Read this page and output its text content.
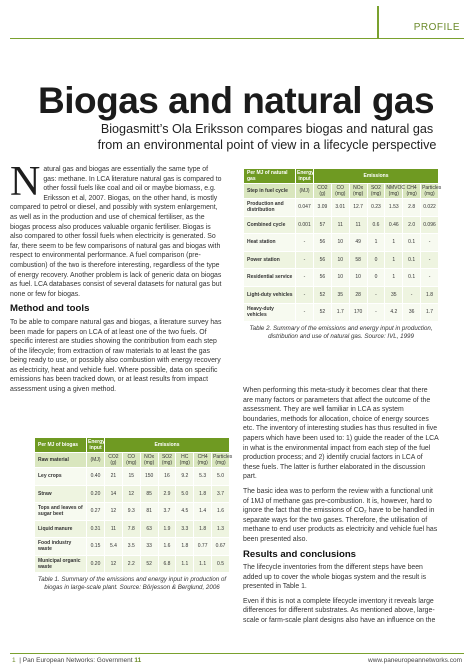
PROFILE
Biogas and natural gas

Biogasmitt’s Ola Eriksson compares biogas and natural gas from an environmental point of view in a lifecycle perspective

Natural gas and biogas are essentially the same type of gas: methane. In LCA literature natural gas is compared to other fossil fuels like coal and oil or maybe biomass, e.g. Eriksson et al, 2007. Biogas, on the other hand, is mostly compared to petrol or diesel, and possibly with system enlargement, as well as in the production and use of chemical fertiliser, as the biogas process also produces valuable organic fertiliser. Biogas is also compared to other fossil fuels when electricity is generated. So far, there seem to be few comparisons of natural gas and biogas with respect to environmental performance. A fuel comparison (pre-combustion) of the two is therefore interesting, regardless of the type of energy recovery. Another problem is lack of generic data on biogas as fuel. LCA databases consist of several datasets for natural gas but none or few for biogas.

Method and tools

To be able to compare natural gas and biogas, a literature survey has been made for papers on LCA of at least one of the two fuels. Of specific interest are studies showing the contribution from each step of the lifecycle; from extraction of raw materials to at least the gas being ready to use, or possibly also combustion with energy recovery as electricity, heat and vehicle fuel. Where possible, data on specific emissions has been tracked down, or at least results from impact assessment using a given method.

Per MJ of biogas	Energy input	Emissions						
Raw material	(MJ)	CO2 (g)	CO (mg)	NOx (mg)	SO2 (mg)	HC (mg)	CH4 (mg)	Particles (mg)
Ley crops	0.40	21	15	150	16	9.2	5.3	5.0
Straw	0.20	14	12	85	2.9	5.0	1.8	3.7
Tops and leaves of sugar beet	0.27	12	9.3	81	3.7	4.5	1.4	1.6
Liquid manure	0.31	11	7.8	63	1.9	3.3	1.8	1.3
Food industry waste	0.15	5.4	3.5	33	1.6	1.8	0.77	0.67
Municipal organic waste	0.20	12	2.2	52	6.8	1.1	1.1	0.5
Table 1. Summary of the emissions and energy input in production of biogas in large-scale plant. Source: Börjesson & Berglund, 2006
Per MJ of natural gas	Energy input	Emissions						
Step in fuel cycle	(MJ)	CO2 (g)	CO (mg)	NOx (mg)	SO2 (mg)	NMVOC (mg)	CH4 (mg)	Particles (mg)
Production and distribution	0.047	3.09	3.01	12.7	0.23	1.53	2.8	0.022
Combined cycle	0.001	57	11	11	0.6	0.46	2.0	0.096
Heat station	-	56	10	49	1	1	0.1	-
Power station	-	56	10	58	0	1	0.1	-
Residential service	-	56	10	10	0	1	0.1	-
Light-duty vehicles	-	52	35	28	-	35	-	1.8
Heavy-duty vehicles	-	52	1.7	170	-	4.2	36	1.7
Table 2. Summary of the emissions and energy input in production, distribution and use of natural gas. Source: IVL, 1999

When performing this meta-study it becomes clear that there are many factors or parameters that affect the outcome of the assessment. They are well familiar in LCA as system boundaries, methods for allocation, choice of energy sources etc. The inventory of interesting studies has thus resulted in five papers which have been used to: 1) guide the reader of the LCA in what is the environmental impact from each step of the fuel production process; and 2) identify crucial factors in LCA of these fuels. The latter is further elaborated in the discussion part.

The basic idea was to perform the review with a functional unit of 1MJ of methane gas pre-combustion. It is, however, hard to ignore the fact that the emissions of CO₂ have to be handled in separate ways for the two gases. Therefore, the utilisation of methane to end user products as electricity and vehicle fuel has been presented also.

Results and conclusions

The lifecycle inventories from the different steps have been added up to cover the whole biogas system and the result is presented in Table 1.

Even if this is not a complete lifecycle inventory it reveals large differences for different substrates. As mentioned above, large-scale or farm-scale plant designs also have an influence on the

1  | Pan European Networks: Government 11	www.paneuropeannetworks.com
